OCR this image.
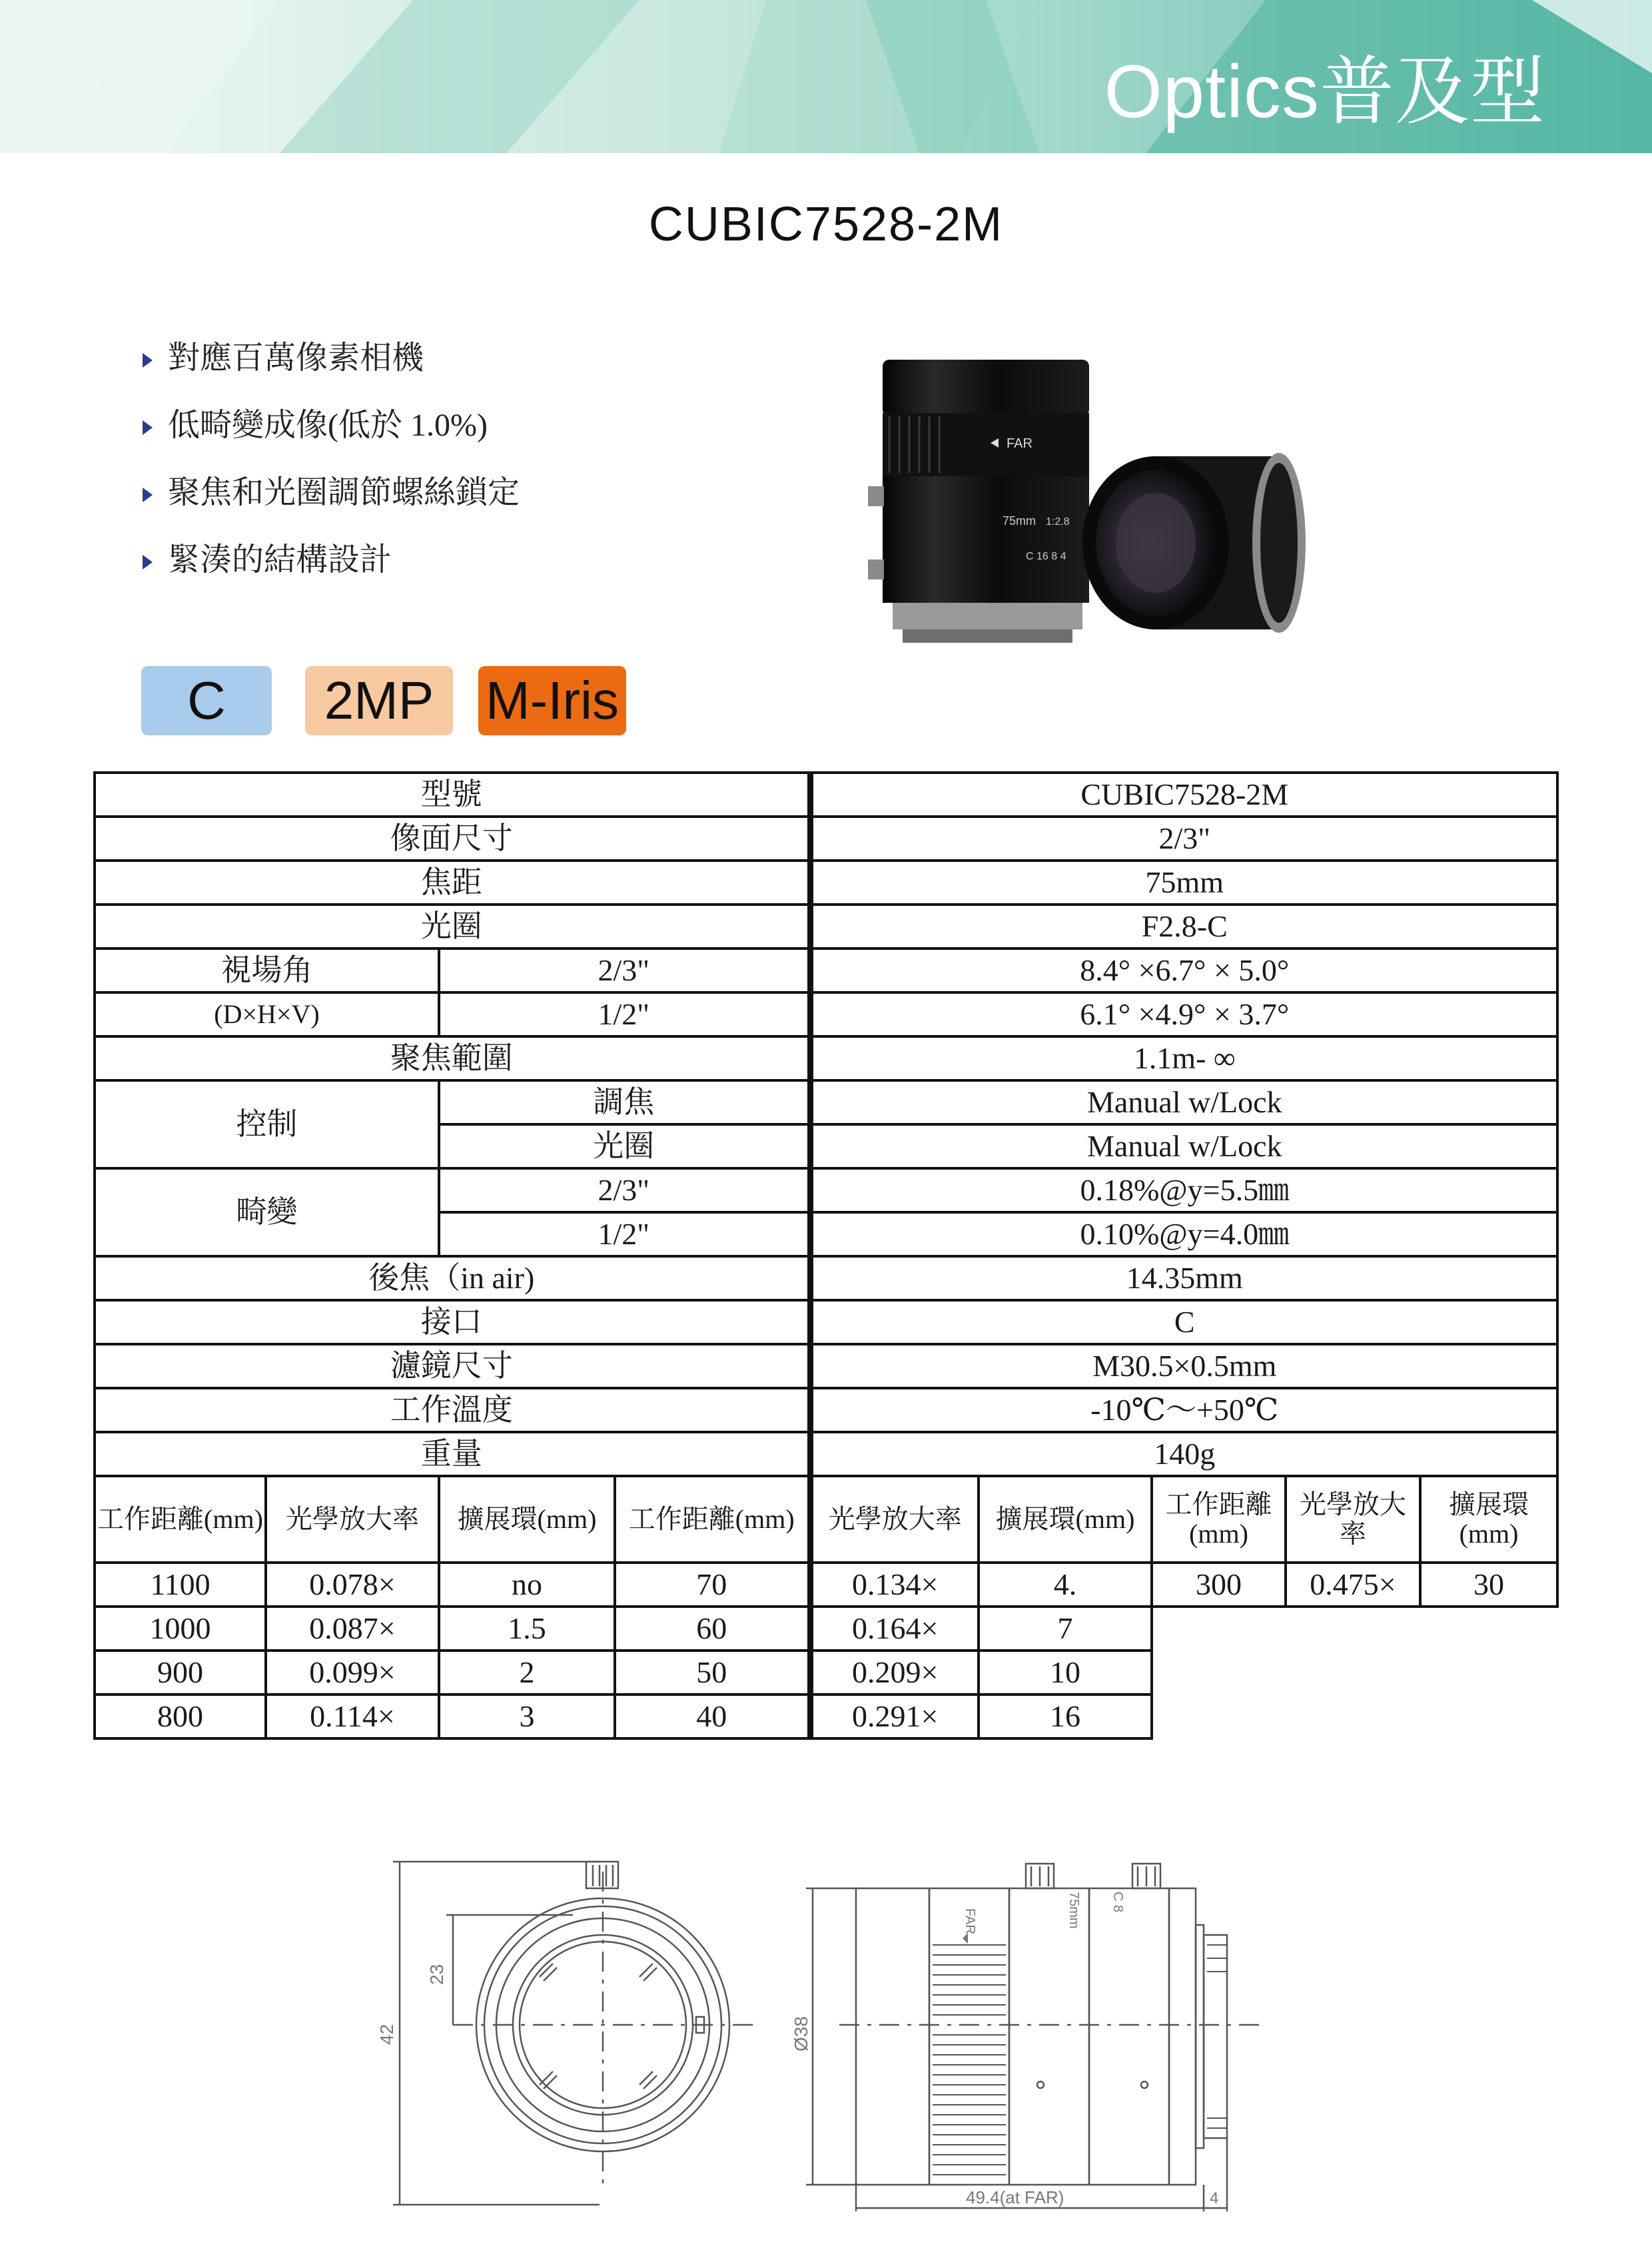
Optics普及型
CUBIC7528-2M
對應百萬像素相機
低畸變成像(低於 1.0%)
聚焦和光圈調節螺絲鎖定
緊湊的結構設計
FAR
75mm 1:2.8
C 16 8 4
C	2MP M-Iris
型號				CUBIC7528-2M				
像面尺寸				2/3"				
焦距				75mm				
光圈				F2.8-C				
視場角		2/3"		8.4° ×6.7° × 5.0°				
(D×H×V)		1/2"		6.1° ×4.9° × 3.7°				
聚焦範圍				1.1m- ∞				
控制		調焦		Manual w/Lock				
		光圈		Manual w/Lock				
畸變		2/3"		0.18%@y=5.5㎜				
		1/2"		0.10%@y=4.0㎜				
後焦（in air)				14.35mm				
接口				C				
濾鏡尺寸				M30.5×0.5mm				
工作溫度				-10℃～+50℃				
重量				140g				
工作距離(mm)	光學放大率	擴展環(mm)	工作距離(mm)	光學放大率	擴展環(mm)	工作距離(mm)	光學放大率	擴展環(mm)
1100	0.078×	no	70	0.134×	4.	300	0.475×	30
1000	0.087×	1.5	60	0.164×	7			
900	0.099×	2	50	0.209×	10			
800	0.114×	3	40	0.291×	16			
42
23
Ø38
49.4(at FAR)	4
FAR	75mm C 8
